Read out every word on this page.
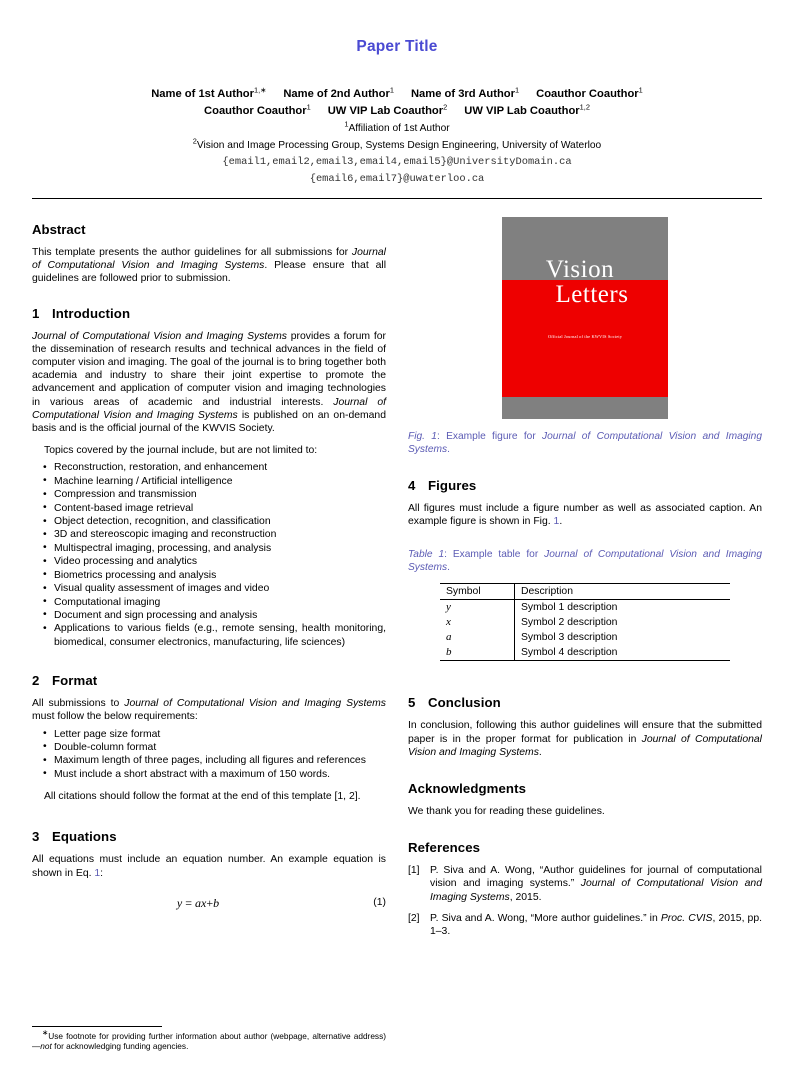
Paper Title
Name of 1st Author$^{1,∗}$ Name of 2nd Author$^1$ Name of 3rd Author$^1$ Coauthor Coauthor$^1$
Coauthor Coauthor$^1$ UW VIP Lab Coauthor$^2$ UW VIP Lab Coauthor$^{1,2}$
$^1$Affiliation of 1st Author
$^2$Vision and Image Processing Group, Systems Design Engineering, University of Waterloo
{email1,email2,email3,email4,email5}@UniversityDomain.ca
{email6,email7}@uwaterloo.ca
Abstract

This template presents the author guidelines for all submissions for Journal of Computational Vision and Imaging Systems. Please ensure that all guidelines are followed prior to submission.

1 Introduction

Journal of Computational Vision and Imaging Systems provides a forum for the dissemination of research results and technical advances in the field of computer vision and imaging. The goal of the journal is to bring together both academia and industry to share their joint expertise to promote the advancement and application of computer vision and imaging technologies in various areas of academic and industrial interests. Journal of Computational Vision and Imaging Systems is published on an on-demand basis and is the official journal of the KWVIS Society.

Topics covered by the journal include, but are not limited to:

• Reconstruction, restoration, and enhancement
• Machine learning / Artificial intelligence
• Compression and transmission
• Content-based image retrieval
• Object detection, recognition, and classification
• 3D and stereoscopic imaging and reconstruction
• Multispectral imaging, processing, and analysis
• Video processing and analytics
• Biometrics processing and analysis
• Visual quality assessment of images and video
• Computational imaging
• Document and sign processing and analysis
• Applications to various fields (e.g., remote sensing, health monitoring, biomedical, consumer electronics, manufacturing, life sciences)
2 Format

All submissions to Journal of Computational Vision and Imaging Systems must follow the below requirements:

• Letter page size format
• Double-column format
• Maximum length of three pages, including all figures and references
• Must include a short abstract with a maximum of 150 words.

All citations should follow the format at the end of this template [1, 2].

3 Equations

All equations must include an equation number. An example equation is shown in Eq. 1:

y = ax+b	(1)
Vision
Letters
Official Journal of the KWVIS Society
Fig. 1: Example figure for Journal of Computational Vision and Imaging Systems.
4 Figures

All figures must include a figure number as well as associated caption. An example figure is shown in Fig. 1.

Table 1: Example table for Journal of Computational Vision and Imaging Systems.
Symbol	Description
y	Symbol 1 description
x	Symbol 2 description
a	Symbol 3 description
b	Symbol 4 description
5 Conclusion

In conclusion, following this author guidelines will ensure that the submitted paper is in the proper format for publication in Journal of Computational Vision and Imaging Systems.

Acknowledgments

We thank you for reading these guidelines.

References
[1] P. Siva and A. Wong, “Author guidelines for journal of computational vision and imaging systems.” Journal of Computational Vision and Imaging Systems, 2015.
[2] P. Siva and A. Wong, “More author guidelines.” in Proc. CVIS, 2015, pp. 1–3.
∗Use footnote for providing further information about author (webpage, alternative address)—not for acknowledging funding agencies.
